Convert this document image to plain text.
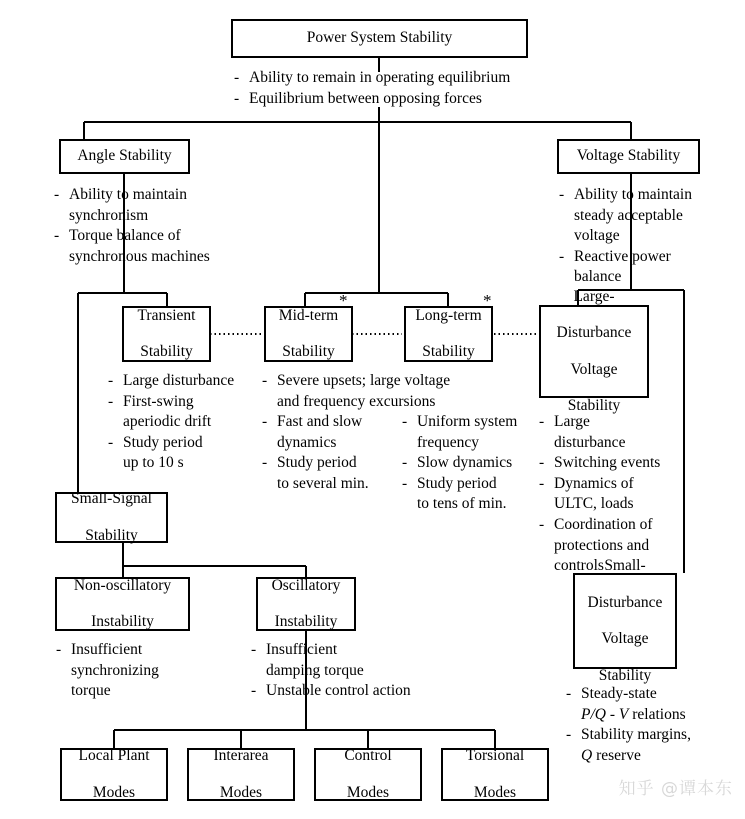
Power System Stability
Angle Stability	Voltage Stability
Transient

Stability
Mid-term

Stability
*
Long-term

Stability
*	Large-

Disturbance

Voltage

Stability
Small-Signal

Stability
Non-oscillatory

Instability
Oscillatory

Instability
Small-

Disturbance

Voltage

Stability
Local Plant

Modes
Interarea

Modes
Control

Modes
Torsional

Modes
- Ability to remain in operating equilibrium
- Equilibrium between opposing forces
- Ability to maintain
synchronism
- Torque balance of
synchronous machines
- Ability to maintain
steady acceptable
voltage
- Reactive power
balance
- Large disturbance
- First-swing
aperiodic drift
- Study period
up to 10 s
- Severe upsets; large voltage
and frequency excursions
- Fast and slow
dynamics
- Study period
to several min.
- Uniform system
frequency
- Slow dynamics
- Study period
to tens of min.
- Large
disturbance
- Switching events
- Dynamics of
ULTC, loads
- Coordination of
protections and
controls
- Insufficient
synchronizing
torque
- Insufficient
damping torque
- Unstable control action	- Steady-state
P/Q - V relations
- Stability margins,
Q reserve
知乎 @谭本东
